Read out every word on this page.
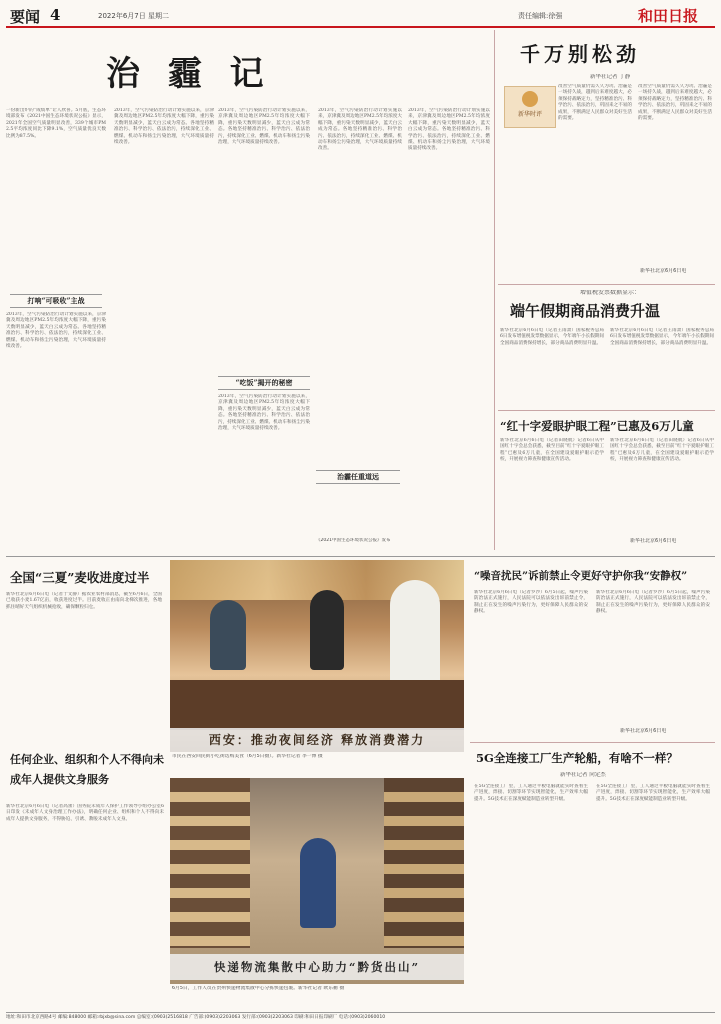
要闻 4	2022年6月7日 星期二	责任编辑:徐强	和田日报
治 霾 记
一份新出炉的“成绩单”让人欣喜。5月底，生态环境部发布《2021中国生态环境状况公报》显示，2021年全国空气质量明显改善，339个城市PM2.5平均浓度同比下降9.1%，空气质量优良天数比例为87.5%。
打响“可吸收”主战
2013年，空气污染防治行动计划实施以来，京津冀及周边地区PM2.5年均浓度大幅下降，重污染天数明显减少，蓝天白云成为常态。各地坚持精准治污、科学治污、依法治污，持续深化工业、燃煤、机动车和扬尘污染治理，大气环境质量持续改善。
2013年，空气污染防治行动计划实施以来，京津冀及周边地区PM2.5年均浓度大幅下降，重污染天数明显减少，蓝天白云成为常态。各地坚持精准治污、科学治污、依法治污，持续深化工业、燃煤、机动车和扬尘污染治理，大气环境质量持续改善。
“吃饭”揭开的秘密
2013年，空气污染防治行动计划实施以来，京津冀及周边地区PM2.5年均浓度大幅下降，重污染天数明显减少，蓝天白云成为常态。各地坚持精准治污、科学治污、依法治污，持续深化工业、燃煤、机动车和扬尘污染治理，大气环境质量持续改善。
2013年，空气污染防治行动计划实施以来，京津冀及周边地区PM2.5年均浓度大幅下降，重污染天数明显减少，蓝天白云成为常态。各地坚持精准治污、科学治污、依法治污，持续深化工业、燃煤、机动车和扬尘污染治理，大气环境质量持续改善。
2013年，空气污染防治行动计划实施以来，京津冀及周边地区PM2.5年均浓度大幅下降，重污染天数明显减少，蓝天白云成为常态。各地坚持精准治污、科学治污、依法治污，持续深化工业、燃煤、机动车和扬尘污染治理，大气环境质量持续改善。
2013年，空气污染防治行动计划实施以来，京津冀及周边地区PM2.5年均浓度大幅下降，重污染天数明显减少，蓝天白云成为常态。各地坚持精准治污、科学治污、依法治污，持续深化工业、燃煤、机动车和扬尘污染治理，大气环境质量持续改善。
《2021中国生态环境状况公报》发布
治霾任重道远
千万别松劲
新华社记者 丁静
新华时评
改善空气质量仍需久久为功。治霾是一场持久战，越到后来难度越大，必须保持战略定力，坚持精准治污、科学治污、依法治污，巩固来之不易的成果，不断满足人民群众对美好生活的需要。
改善空气质量仍需久久为功。治霾是一场持久战，越到后来难度越大，必须保持战略定力，坚持精准治污、科学治污、依法治污，巩固来之不易的成果，不断满足人民群众对美好生活的需要。
新华社北京6月6日电
增值税发票数据显示：
端午假期商品消费升温
新华社北京6月6日电（记者王雨萧）国家税务总局6日发布增值税发票数据显示，今年端午小长假期间全国商品消费保持增长，部分商品消费明显升温。
新华社北京6月6日电（记者王雨萧）国家税务总局6日发布增值税发票数据显示，今年端午小长假期间全国商品消费保持增长，部分商品消费明显升温。
“红十字爱眼护眼工程”已惠及6万儿童
新华社北京6月6日电（记者田晓航）记者6日从中国红十字会总会获悉，截至目前“红十字爱眼护眼工程”已惠及6万儿童，在全国建设爱眼护眼示范学校，开展视力筛查和健康宣传活动。
新华社北京6月6日电（记者田晓航）记者6日从中国红十字会总会获悉，截至目前“红十字爱眼护眼工程”已惠及6万儿童，在全国建设爱眼护眼示范学校，开展视力筛查和健康宣传活动。
新华社北京6月6日电
全国“三夏”麦收进度过半
新华社北京6月6日电（记者于文静）据农业农村部消息，截至6月6日，全国已收获小麦1.67亿亩，收获进度过半。目前麦收正由南向北梯次推进，各地抓住晴好天气组织机械抢收，确保颗粒归仓。
西安：推动夜间经济 释放消费潜力
市民在西安回民街小吃街选购美食（6月5日摄）。新华社记者 李一博 摄
“噪音扰民”诉前禁止令更好守护你我“安静权”
新华社北京6月6日电（记者罗沙）6月5日起，噪声污染防治法正式施行，人民法院可以依法发出诉前禁止令，制止正在发生的噪声污染行为，更好保障人民群众的安静权。
新华社北京6月6日电（记者罗沙）6月5日起，噪声污染防治法正式施行，人民法院可以依法发出诉前禁止令，制止正在发生的噪声污染行为，更好保障人民群众的安静权。
新华社北京6月6日电
任何企业、组织和个人不得向未成年人提供文身服务
新华社北京6月6日电（记者高蕾）国务院未成年人保护工作领导小组办公室6日印发《未成年人文身治理工作办法》，明确任何企业、组织和个人不得向未成年人提供文身服务，不得胁迫、引诱、教唆未成年人文身。
快递物流集散中心助力“黔货出山”
6月5日，工作人员在贵州快递物流集散中心分拣快递包裹。新华社记者 欧东衢 摄
5G全连接工厂生产轮船，有啥不一样？
新华社记者 向定杰
在5G全连接工厂里，工人通过平板电脑就能实时查看生产进度，焊接、切割等环节实现智能化，生产效率大幅提升。5G技术正在深度赋能制造业转型升级。
在5G全连接工厂里，工人通过平板电脑就能实时查看生产进度，焊接、切割等环节实现智能化，生产效率大幅提升。5G技术正在深度赋能制造业转型升级。
地址:和田市北京西路4号 邮编:848000 邮箱:rbjxb@sina.com 总编室:(0903)2516818 广告部:(0903)2203063 发行部:(0903)2203063 印刷:和田日报印刷厂 电话:(0903)2060010
